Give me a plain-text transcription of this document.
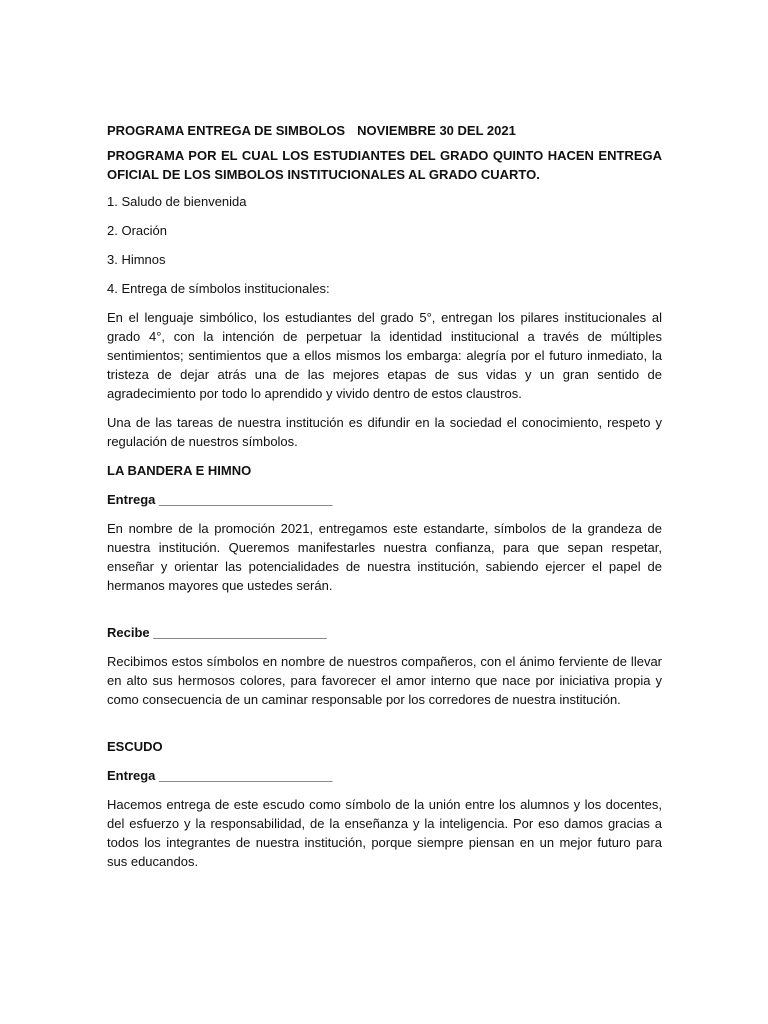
PROGRAMA ENTREGA DE SIMBOLOS NOVIEMBRE 30 DEL 2021
PROGRAMA POR EL CUAL LOS ESTUDIANTES DEL GRADO QUINTO HACEN ENTREGA OFICIAL DE LOS SIMBOLOS INSTITUCIONALES AL GRADO CUARTO.
1. Saludo de bienvenida
2. Oración
3. Himnos
4. Entrega de símbolos institucionales:
En el lenguaje simbólico, los estudiantes del grado 5°, entregan los pilares institucionales al grado 4°, con la intención de perpetuar la identidad institucional a través de múltiples sentimientos; sentimientos que a ellos mismos los embarga: alegría por el futuro inmediato, la tristeza de dejar atrás una de las mejores etapas de sus vidas y un gran sentido de agradecimiento por todo lo aprendido y vivido dentro de estos claustros.
Una de las tareas de nuestra institución es difundir en la sociedad el conocimiento, respeto y regulación de nuestros símbolos.
LA BANDERA E HIMNO
Entrega ________________________
En nombre de la promoción 2021, entregamos este estandarte, símbolos de la grandeza de nuestra institución. Queremos manifestarles nuestra confianza, para que sepan respetar, enseñar y orientar las potencialidades de nuestra institución, sabiendo ejercer el papel de hermanos mayores que ustedes serán.
Recibe ________________________
Recibimos estos símbolos en nombre de nuestros compañeros, con el ánimo ferviente de llevar en alto sus hermosos colores, para favorecer el amor interno que nace por iniciativa propia y como consecuencia de un caminar responsable por los corredores de nuestra institución.
ESCUDO
Entrega ________________________
Hacemos entrega de este escudo como símbolo de la unión entre los alumnos y los docentes, del esfuerzo y la responsabilidad, de la enseñanza y la inteligencia. Por eso damos gracias a todos los integrantes de nuestra institución, porque siempre piensan en un mejor futuro para sus educandos.
